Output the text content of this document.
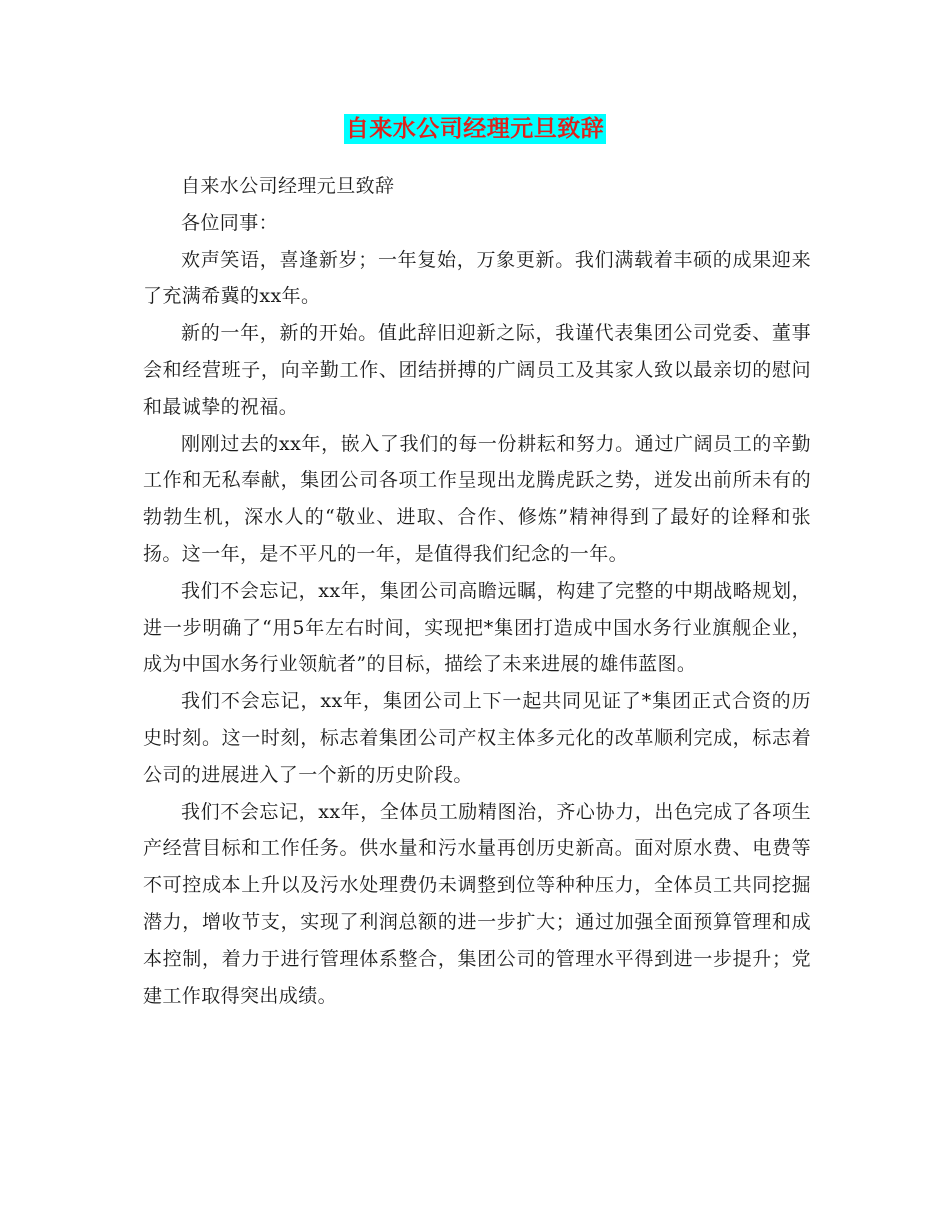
自来水公司经理元旦致辞

自来水公司经理元旦致辞

各位同事：

欢声笑语，喜逢新岁；一年复始，万象更新。我们满载着丰硕的成果迎来了充满希冀的xx年。

新的一年，新的开始。值此辞旧迎新之际，我谨代表集团公司党委、董事会和经营班子，向辛勤工作、团结拼搏的广阔员工及其家人致以最亲切的慰问和最诚挚的祝福。

刚刚过去的xx年，嵌入了我们的每一份耕耘和努力。通过广阔员工的辛勤工作和无私奉献，集团公司各项工作呈现出龙腾虎跃之势，迸发出前所未有的勃勃生机，深水人的“敬业、进取、合作、修炼”精神得到了最好的诠释和张扬。这一年，是不平凡的一年，是值得我们纪念的一年。

我们不会忘记，xx年，集团公司高瞻远瞩，构建了完整的中期战略规划，进一步明确了“用5年左右时间，实现把*集团打造成中国水务行业旗舰企业，成为中国水务行业领航者”的目标，描绘了未来进展的雄伟蓝图。

我们不会忘记，xx年，集团公司上下一起共同见证了*集团正式合资的历史时刻。这一时刻，标志着集团公司产权主体多元化的改革顺利完成，标志着公司的进展进入了一个新的历史阶段。

我们不会忘记，xx年，全体员工励精图治，齐心协力，出色完成了各项生产经营目标和工作任务。供水量和污水量再创历史新高。面对原水费、电费等不可控成本上升以及污水处理费仍未调整到位等种种压力，全体员工共同挖掘潜力，增收节支，实现了利润总额的进一步扩大；通过加强全面预算管理和成本控制，着力于进行管理体系整合，集团公司的管理水平得到进一步提升；党建工作取得突出成绩。
